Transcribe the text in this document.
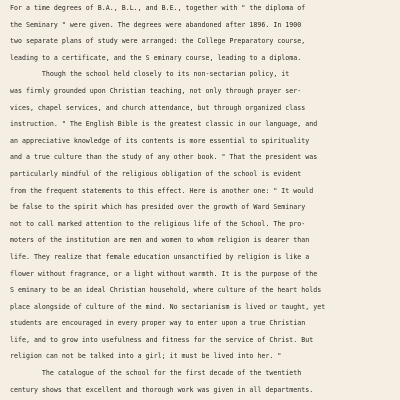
For a time degrees of B.A., B.L., and B.E., together with " the diploma of
the Seminary " were given. The degrees were abandoned after 1896. In 1900
two separate plans of study were arranged: the College Preparatory course,
leading to a certificate, and the S eminary course, leading to a diploma.
Though the school held closely to its non-sectarian policy, it
was firmly grounded upon Christian teaching, not only through prayer ser-
vices, chapel services, and church attendance, but through organized class
instruction. " The English Bible is the greatest classic in our language, and
an appreciative knowledge of its contents is more essential to spirituality
and a true culture than the study of any other book. " That the president was
particularly mindful of the religious obligation of the school is evident
from the frequent statements to this effect. Here is another one: " It would
be false to the spirit which has presided over the growth of Ward Seminary
not to call marked attention to the religious life of the School. The pro-
moters of the institution are men and women to whom religion is dearer than
life. They realize that female education unsanctified by religion is like a
flower without fragrance, or a light without warmth. It is the purpose of the
S eminary to be an ideal Christian household, where culture of the heart holds
place alongside of culture of the mind. No sectarianism is lived or taught, yet
students are encouraged in every proper way to enter upon a true Christian
life, and to grow into usefulness and fitness for the service of Christ. But
religion can not be talked into a girl; it must be lived into her. "
The catalogue of the school for the first decade of the twentieth
century shows that excellent and thorough work was given in all departments.
